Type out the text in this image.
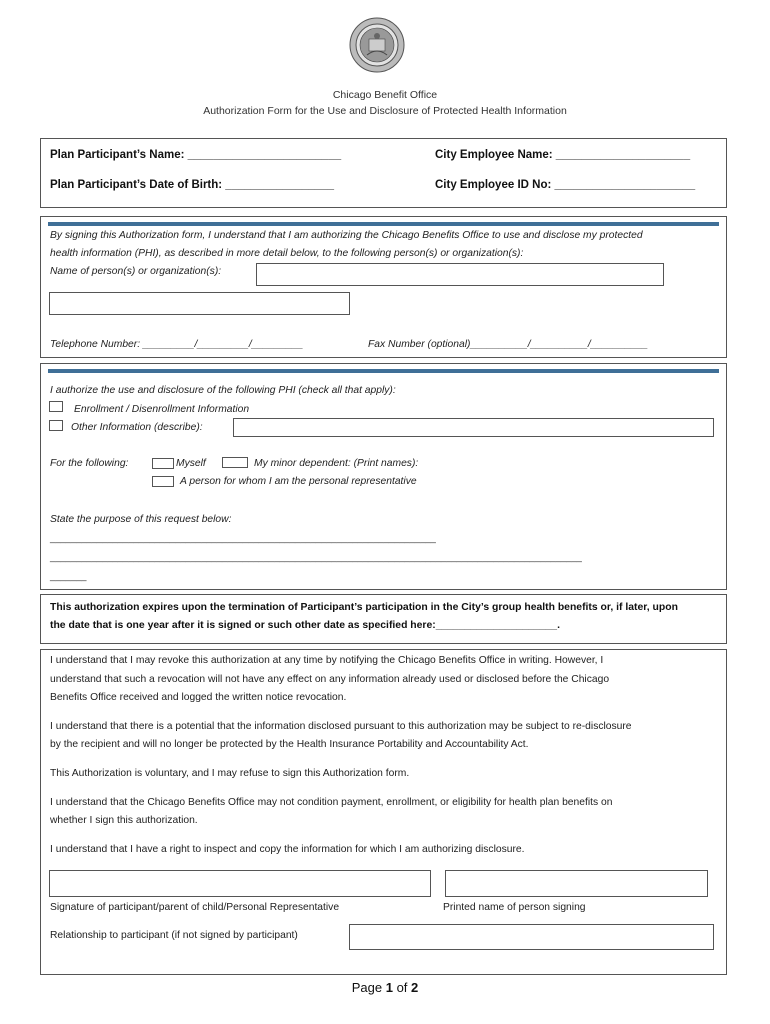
Chicago Benefit Office
Authorization Form for the Use and Disclosure of Protected Health Information
Plan Participant’s Name: ________________________	City Employee Name: _____________________
Plan Participant’s Date of Birth: _________________	City Employee ID No: ______________________
By signing this Authorization form, I understand that I am authorizing the Chicago Benefits Office to use and disclose my protected
health information (PHI), as described in more detail below, to the following person(s) or organization(s):
Name of person(s) or organization(s):
Telephone Number: _________/_________/_________	Fax Number (optional)__________/__________/__________
I authorize the use and disclosure of the following PHI (check all that apply):
Enrollment / Disenrollment Information
Other Information (describe):
For the following:	Myself	My minor dependent: (Print names):
A person for whom I am the personal representative
State the purpose of this request below:
__________________________________________________________________________
______________________________________________________________________________________________________
_______
This authorization expires upon the termination of Participant’s participation in the City’s group health benefits or, if later, upon
the date that is one year after it is signed or such other date as specified here:_____________________.
I understand that I may revoke this authorization at any time by notifying the Chicago Benefits Office in writing. However, I
understand that such a revocation will not have any effect on any information already used or disclosed before the Chicago
Benefits Office received and logged the written notice revocation.
I understand that there is a potential that the information disclosed pursuant to this authorization may be subject to re-disclosure
by the recipient and will no longer be protected by the Health Insurance Portability and Accountability Act.
This Authorization is voluntary, and I may refuse to sign this Authorization form.
I understand that the Chicago Benefits Office may not condition payment, enrollment, or eligibility for health plan benefits on
whether I sign this authorization.
I understand that I have a right to inspect and copy the information for which I am authorizing disclosure.
Signature of participant/parent of child/Personal Representative	Printed name of person signing
Relationship to participant (if not signed by participant)
Page 1 of 2
